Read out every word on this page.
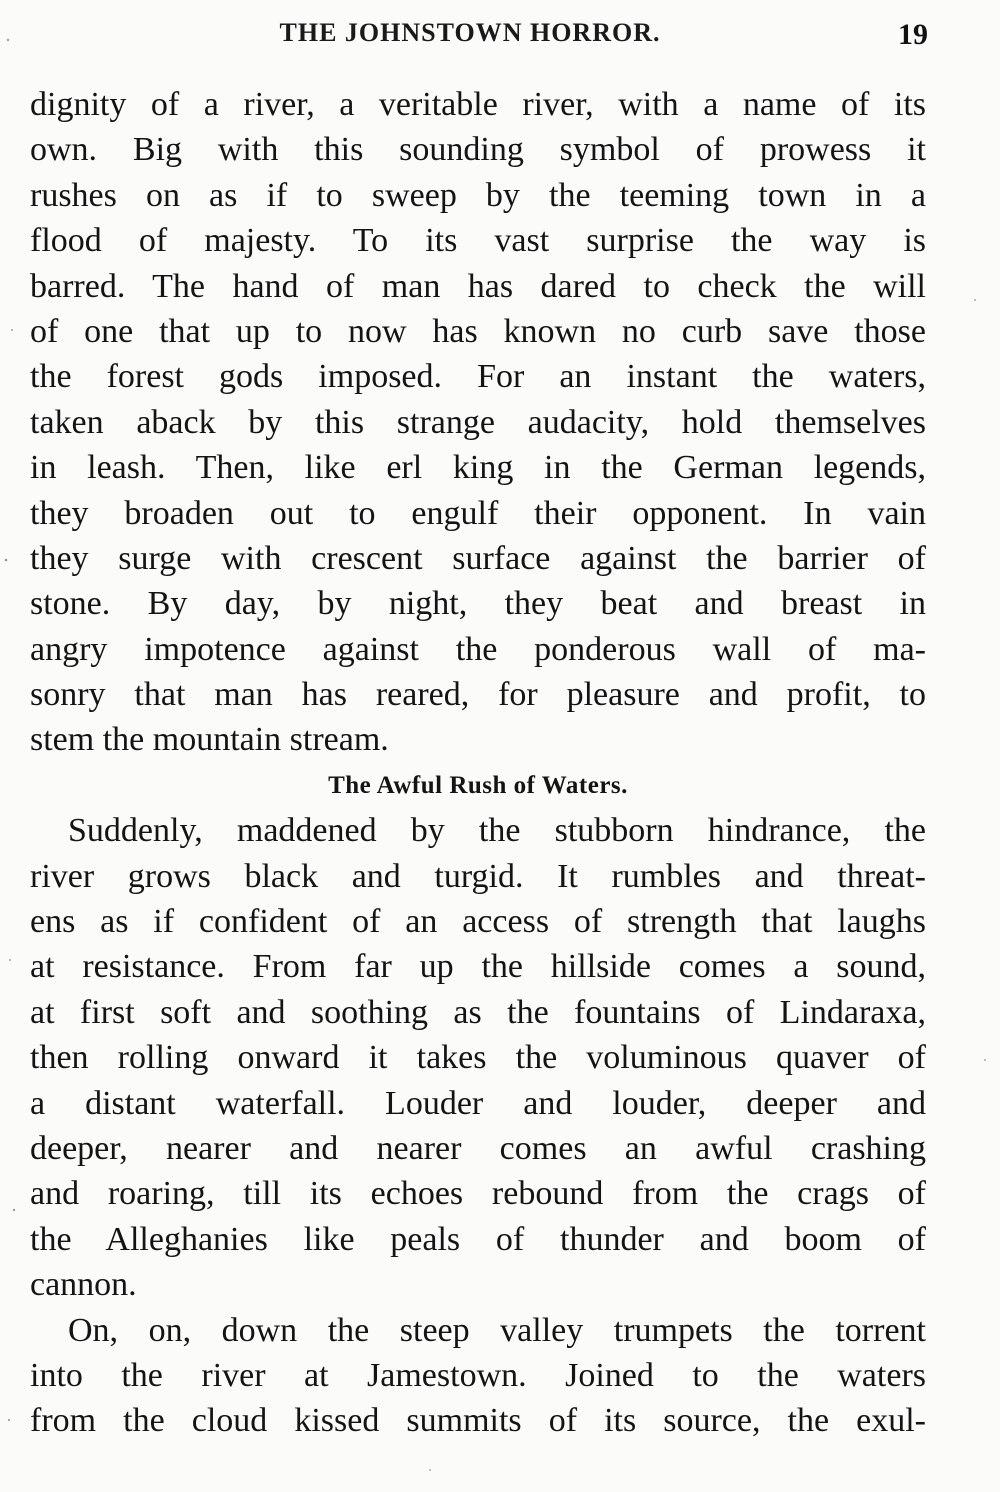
THE JOHNSTOWN HORROR.	19
dignity of a river, a veritable river, with a name of its
own. Big with this sounding symbol of prowess it
rushes on as if to sweep by the teeming town in a
flood of majesty. To its vast surprise the way is
barred. The hand of man has dared to check the will
of one that up to now has known no curb save those
the forest gods imposed. For an instant the waters,
taken aback by this strange audacity, hold themselves
in leash. Then, like erl king in the German legends,
they broaden out to engulf their opponent. In vain
they surge with crescent surface against the barrier of
stone. By day, by night, they beat and breast in
angry impotence against the ponderous wall of ma-
sonry that man has reared, for pleasure and profit, to
stem the mountain stream.
The Awful Rush of Waters.
Suddenly, maddened by the stubborn hindrance, the
river grows black and turgid. It rumbles and threat-
ens as if confident of an access of strength that laughs
at resistance. From far up the hillside comes a sound,
at first soft and soothing as the fountains of Lindaraxa,
then rolling onward it takes the voluminous quaver of
a distant waterfall. Louder and louder, deeper and
deeper, nearer and nearer comes an awful crashing
and roaring, till its echoes rebound from the crags of
the Alleghanies like peals of thunder and boom of
cannon.
On, on, down the steep valley trumpets the torrent
into the river at Jamestown. Joined to the waters
from the cloud kissed summits of its source, the exul-
